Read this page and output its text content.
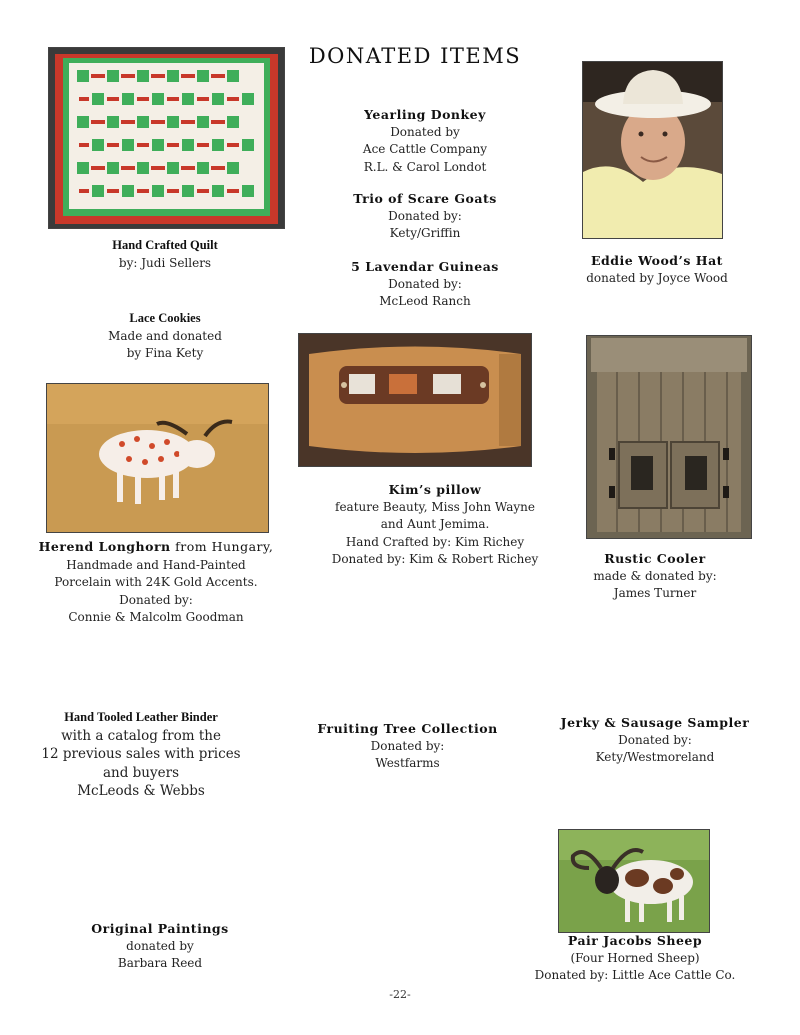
DONATED ITEMS
Yearling Donkey
Donated by
Ace Cattle Company
R.L. & Carol Londot
Trio of Scare Goats
Donated by:
Kety/Griffin
5 Lavendar Guineas
Donated by:
McLeod Ranch
Hand Crafted Quilt
by: Judi Sellers	Eddie Wood’s Hat
donated by Joyce Wood
Lace Cookies
Made and donated
by Fina Kety
Kim’s pillow
feature Beauty, Miss John Wayne
and Aunt Jemima.
Hand Crafted by: Kim Richey
Donated by: Kim & Robert Richey
Herend Longhorn from Hungary,
Handmade and Hand-Painted
Porcelain with 24K Gold Accents.
Donated by:
Connie & Malcolm Goodman
Rustic Cooler
made & donated by:
James Turner
Hand Tooled Leather Binder
with a catalog from the
12 previous sales with prices
and buyers
McLeods & Webbs
Fruiting Tree Collection
Donated by:
Westfarms
Jerky & Sausage Sampler
Donated by:
Kety/Westmoreland
Original Paintings
donated by
Barbara Reed
Pair Jacobs Sheep
(Four Horned Sheep)
Donated by: Little Ace Cattle Co.
-22-
